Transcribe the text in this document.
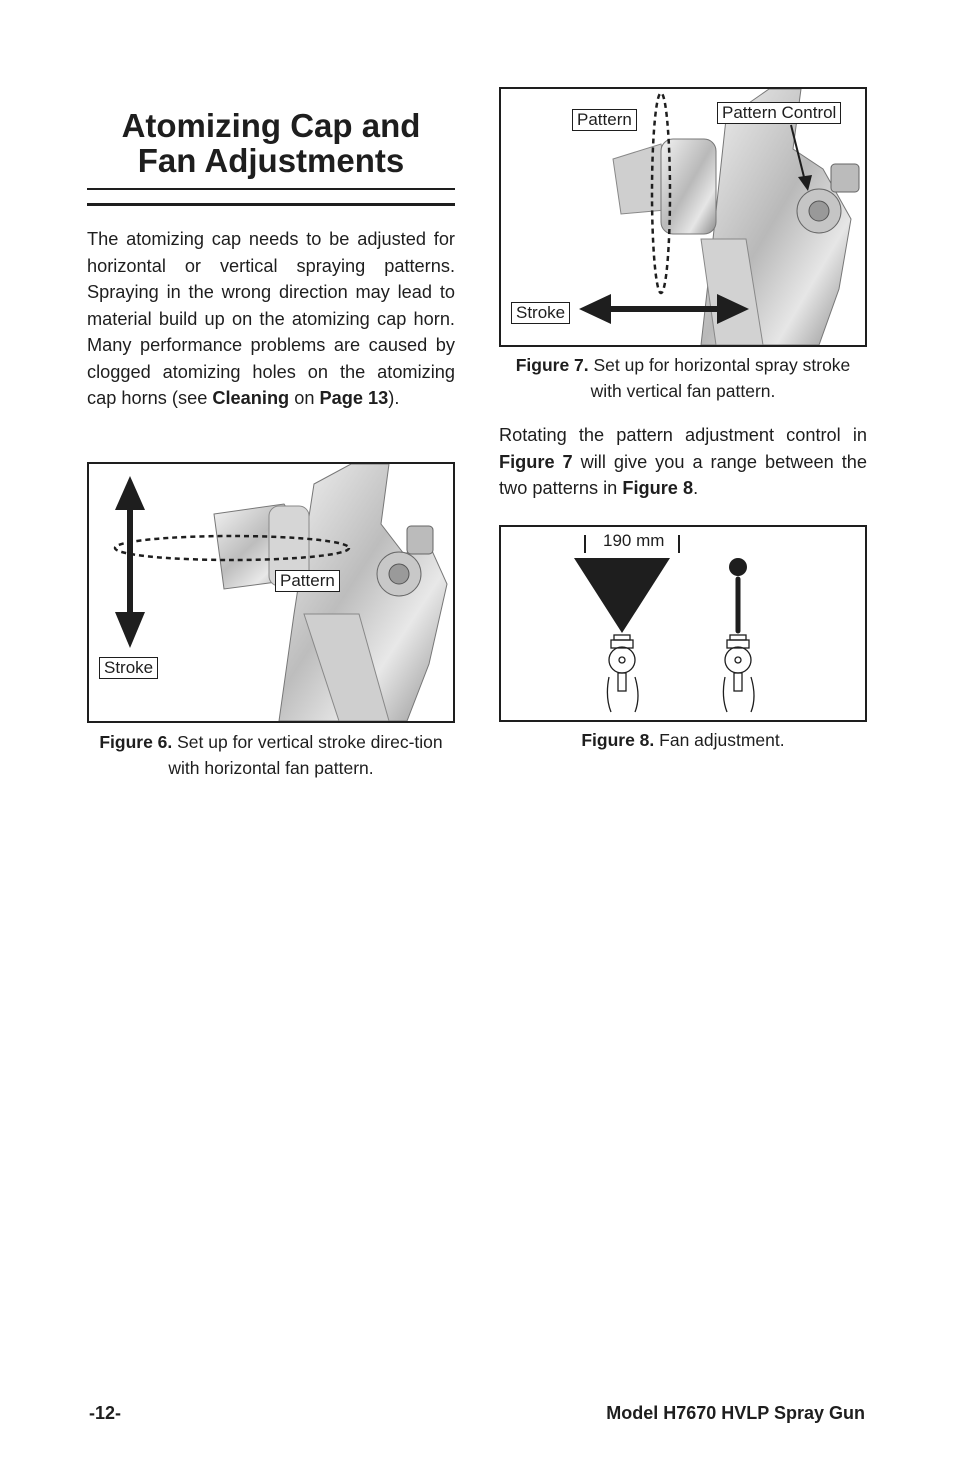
Atomizing Cap and
Fan Adjustments

The atomizing cap needs to be adjusted for horizontal or vertical spraying patterns. Spraying in the wrong direction may lead to material build up on the atomizing cap horn. Many performance problems are caused by clogged atomizing holes on the atomizing cap horns (see Cleaning on Page 13).

Pattern
Stroke

Figure 6. Set up for vertical stroke direc-tion with horizontal fan pattern.

Pattern	Pattern Control
Stroke

Figure 7. Set up for horizontal spray stroke with vertical fan pattern.

Rotating the pattern adjustment control in Figure 7 will give you a range between the two patterns in Figure 8.

190 mm

Figure 8. Fan adjustment.

-12-	Model H7670 HVLP Spray Gun
